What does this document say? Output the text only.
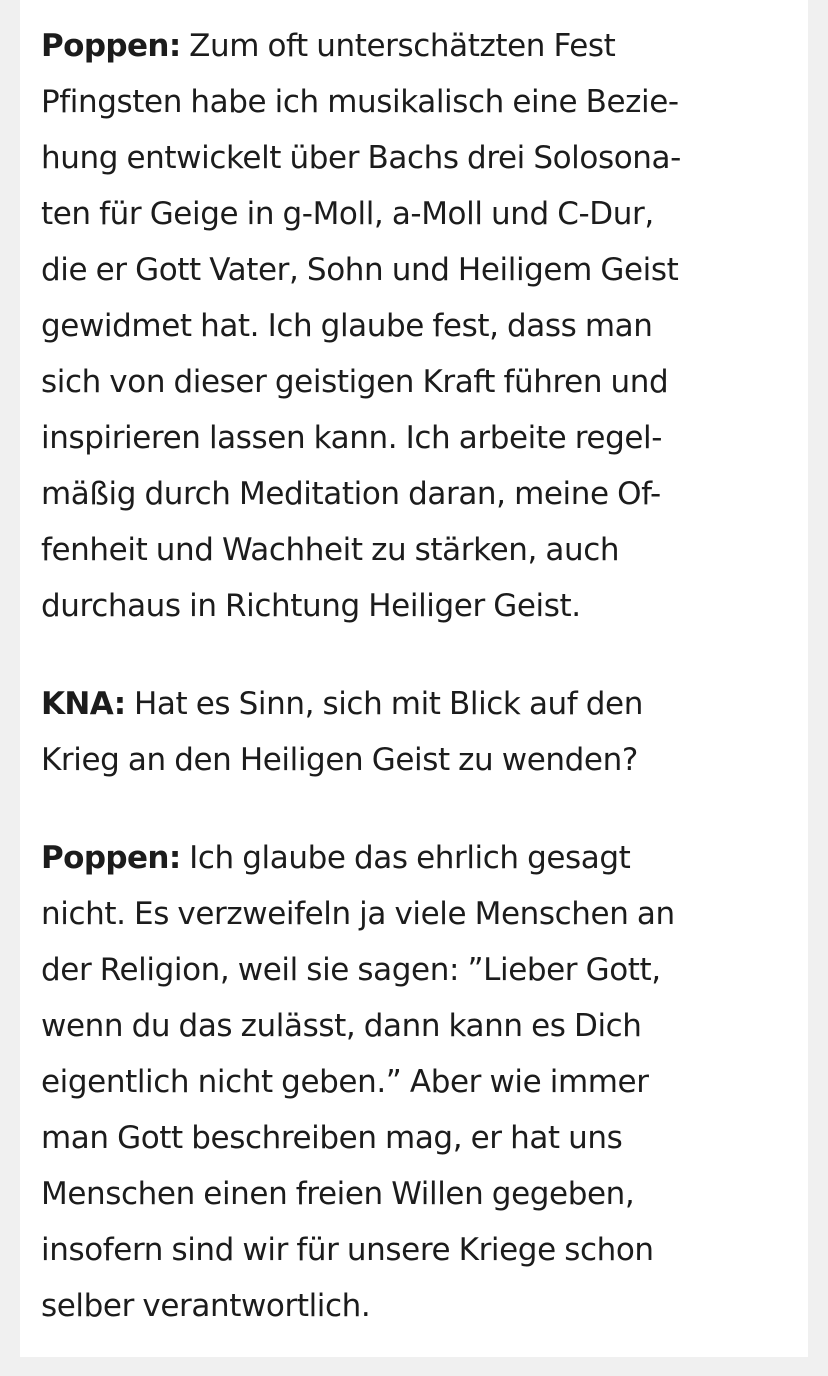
Poppen: Zum oft unterschätzten Fest
Pfingsten habe ich musikalisch eine Bezie-
hung entwickelt über Bachs drei Solosona-
ten für Geige in g-Moll, a-Moll und C-Dur,
die er Gott Vater, Sohn und Heiligem Geist
gewidmet hat. Ich glaube fest, dass man
sich von dieser geistigen Kraft führen und
inspirieren lassen kann. Ich arbeite regel-
mäßig durch Meditation daran, meine Of-
fenheit und Wachheit zu stärken, auch
durchaus in Richtung Heiliger Geist.

KNA: Hat es Sinn, sich mit Blick auf den
Krieg an den Heiligen Geist zu wenden?

Poppen: Ich glaube das ehrlich gesagt
nicht. Es verzweifeln ja viele Menschen an
der Religion, weil sie sagen: ”Lieber Gott,
wenn du das zulässt, dann kann es Dich
eigentlich nicht geben.” Aber wie immer
man Gott beschreiben mag, er hat uns
Menschen einen freien Willen gegeben,
insofern sind wir für unsere Kriege schon
selber verantwortlich.
